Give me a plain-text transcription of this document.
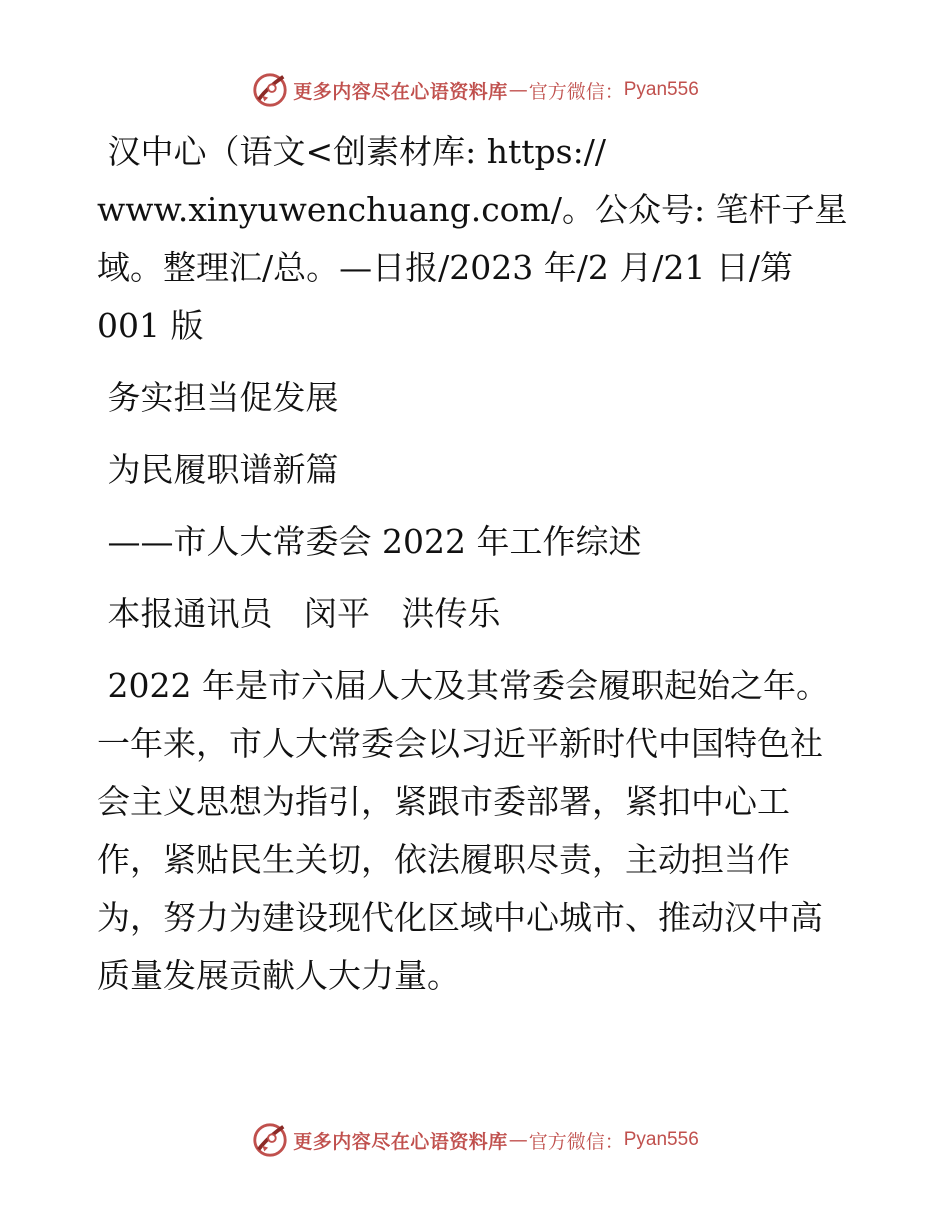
更多内容尽在心语资料库 — 官方微信： Pyan556

汉中心（语文<创素材库: https://

www.xinyuwenchuang.com/。公众号: 笔杆子星

域。整理汇/总。—日报/2023 年/2 月/21 日/第

001 版

务实担当促发展

为民履职谱新篇

——市人大常委会 2022 年工作综述

本报通讯员   闵平   洪传乐

2022 年是市六届人大及其常委会履职起始之年。

一年来，市人大常委会以习近平新时代中国特色社

会主义思想为指引，紧跟市委部署，紧扣中心工

作，紧贴民生关切，依法履职尽责，主动担当作

为，努力为建设现代化区域中心城市、推动汉中高

质量发展贡献人大力量。

更多内容尽在心语资料库 — 官方微信： Pyan556
